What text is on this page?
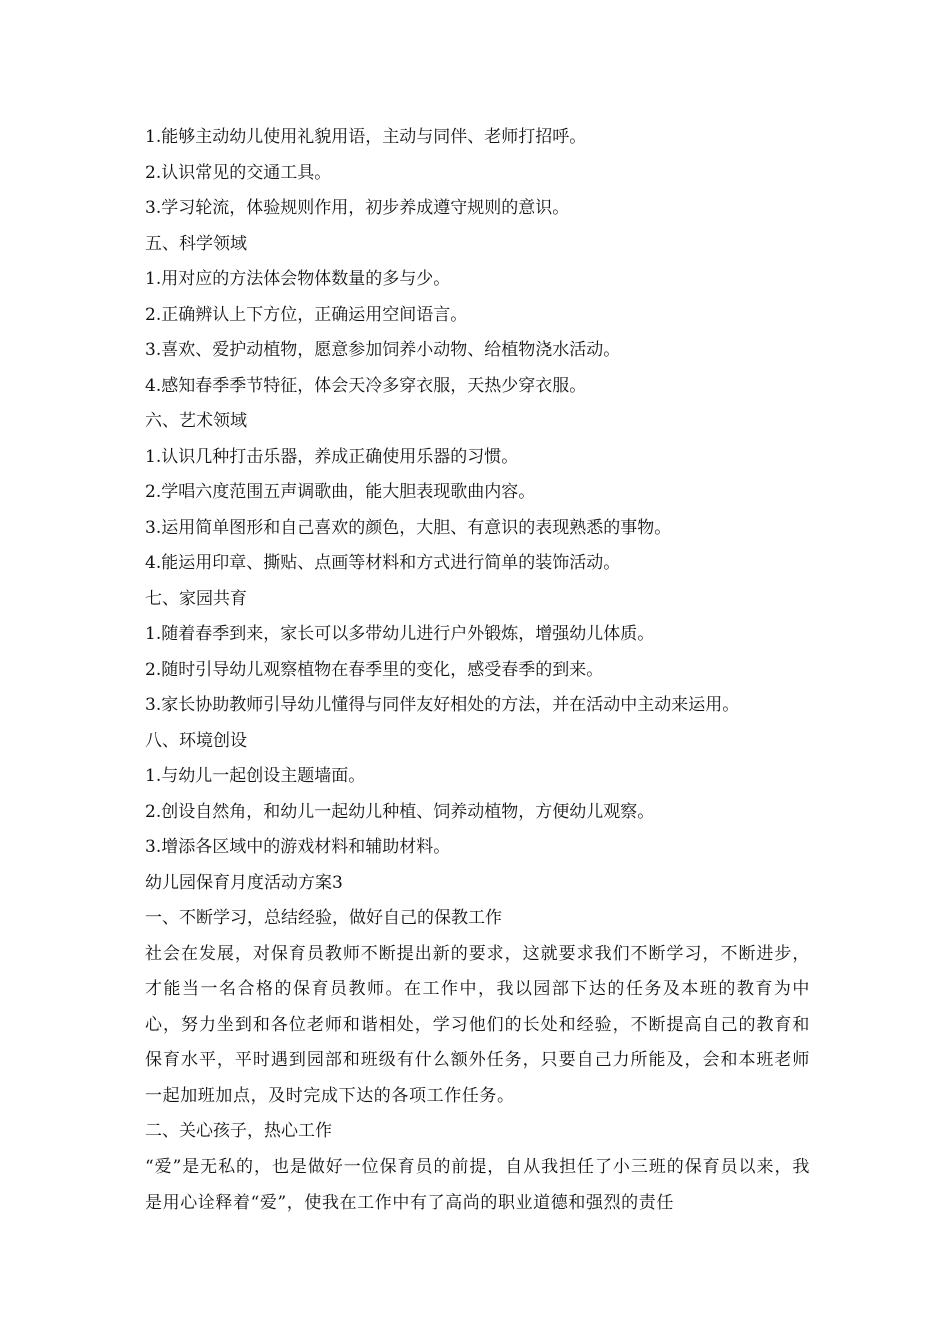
1.能够主动幼儿使用礼貌用语，主动与同伴、老师打招呼。
2.认识常见的交通工具。
3.学习轮流，体验规则作用，初步养成遵守规则的意识。
五、科学领域
1.用对应的方法体会物体数量的多与少。
2.正确辨认上下方位，正确运用空间语言。
3.喜欢、爱护动植物，愿意参加饲养小动物、给植物浇水活动。
4.感知春季季节特征，体会天冷多穿衣服，天热少穿衣服。
六、艺术领域
1.认识几种打击乐器，养成正确使用乐器的习惯。
2.学唱六度范围五声调歌曲，能大胆表现歌曲内容。
3.运用简单图形和自己喜欢的颜色，大胆、有意识的表现熟悉的事物。
4.能运用印章、撕贴、点画等材料和方式进行简单的装饰活动。
七、家园共育
1.随着春季到来，家长可以多带幼儿进行户外锻炼，增强幼儿体质。
2.随时引导幼儿观察植物在春季里的变化，感受春季的到来。
3.家长协助教师引导幼儿懂得与同伴友好相处的方法，并在活动中主动来运用。
八、环境创设
1.与幼儿一起创设主题墙面。
2.创设自然角，和幼儿一起幼儿种植、饲养动植物，方便幼儿观察。
3.增添各区域中的游戏材料和辅助材料。
幼儿园保育月度活动方案3
一、不断学习，总结经验，做好自己的保教工作
社会在发展，对保育员教师不断提出新的要求，这就要求我们不断学习，不断进步，才能当一名合格的保育员教师。在工作中，我以园部下达的任务及本班的教育为中心，努力坐到和各位老师和谐相处，学习他们的长处和经验，不断提高自己的教育和保育水平，平时遇到园部和班级有什么额外任务，只要自己力所能及，会和本班老师一起加班加点，及时完成下达的各项工作任务。
二、关心孩子，热心工作
“爱”是无私的，也是做好一位保育员的前提，自从我担任了小三班的保育员以来，我是用心诠释着“爱”，使我在工作中有了高尚的职业道德和强烈的责任
